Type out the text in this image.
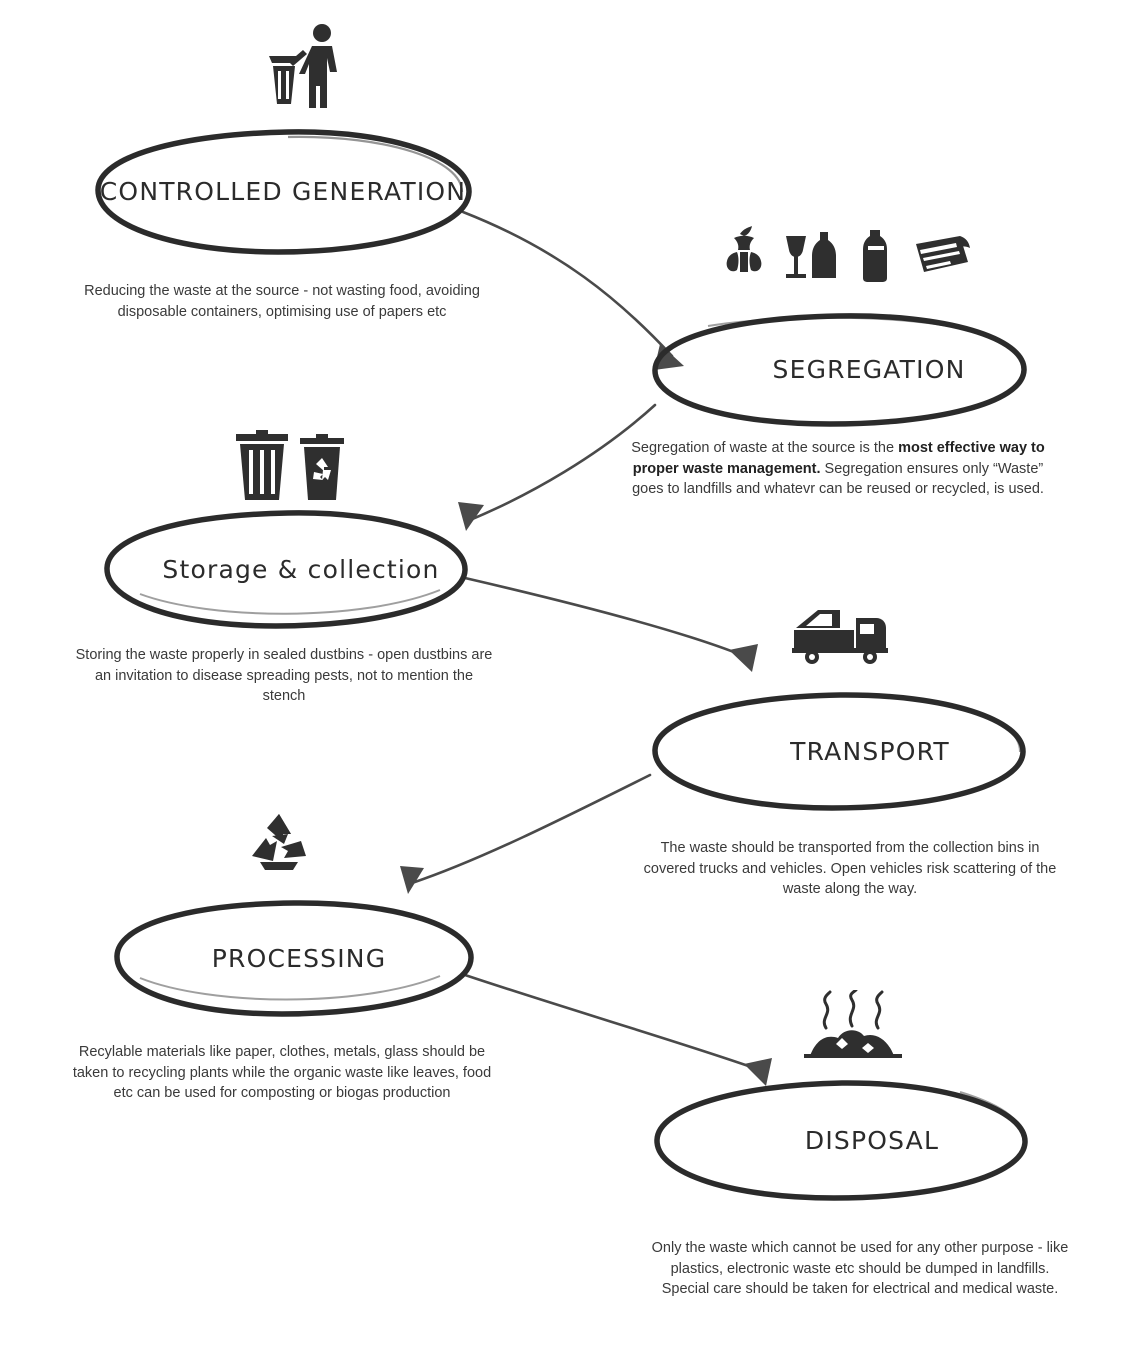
CONTROLLED GENERATION
Reducing the waste at the source - not wasting food, avoiding disposable containers, optimising use of papers etc
SEGREGATION
Segregation of waste at the source is the most effective way to proper waste management. Segregation ensures only “Waste” goes to landfills and whatevr can be reused or recycled, is used.
Storage & collection
Storing the waste properly in sealed dustbins - open dustbins are an invitation to disease spreading pests, not to mention the stench
TRANSPORT
The waste should be transported from the collection bins in covered trucks and vehicles. Open vehicles risk scattering of the waste along the way.
PROCESSING
Recylable materials like paper, clothes, metals, glass should be taken to recycling plants while the organic waste like leaves, food etc can be used for composting or biogas production
DISPOSAL
Only the waste which cannot be used for any other purpose - like plastics, electronic waste etc should be dumped in landfills. Special care should be taken for electrical and medical waste.
